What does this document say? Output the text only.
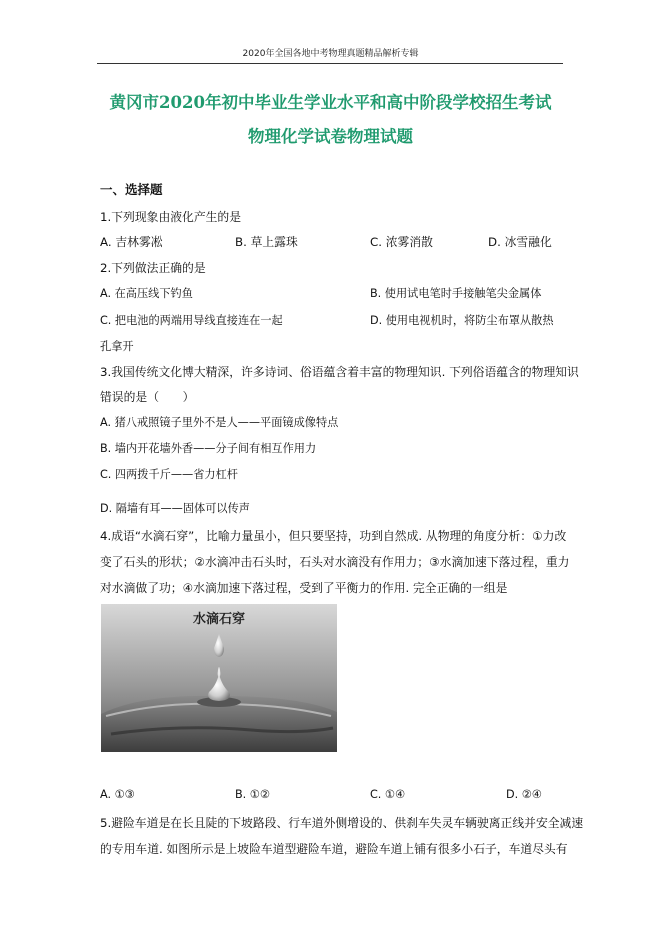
2020年全国各地中考物理真题精品解析专辑
黄冈市2020年初中毕业生学业水平和高中阶段学校招生考试
物理化学试卷物理试题
一、选择题
1.下列现象由液化产生的是
A. 吉林雾凇	B. 草上露珠	C. 浓雾消散	D. 冰雪融化
2.下列做法正确的是
A. 在高压线下钓鱼	B. 使用试电笔时手接触笔尖金属体
C. 把电池的两端用导线直接连在一起	D. 使用电视机时，将防尘布罩从散热
孔拿开
3.我国传统文化博大精深，许多诗词、俗语蕴含着丰富的物理知识. 下列俗语蕴含的物理知识
错误的是（　　）
A. 猪八戒照镜子里外不是人——平面镜成像特点
B. 墙内开花墙外香——分子间有相互作用力
C. 四两拨千斤——省力杠杆
D. 隔墙有耳——固体可以传声
4.成语“水滴石穿”，比喻力量虽小，但只要坚持，功到自然成. 从物理的角度分析：①力改
变了石头的形状；②水滴冲击石头时，石头对水滴没有作用力；③水滴加速下落过程，重力
对水滴做了功；④水滴加速下落过程，受到了平衡力的作用. 完全正确的一组是
水滴石穿
A. ①③	B. ①②	C. ①④	D. ②④
5.避险车道是在长且陡的下坡路段、行车道外侧增设的、供刹车失灵车辆驶离正线并安全减速
的专用车道. 如图所示是上坡险车道型避险车道，避险车道上铺有很多小石子，车道尽头有
